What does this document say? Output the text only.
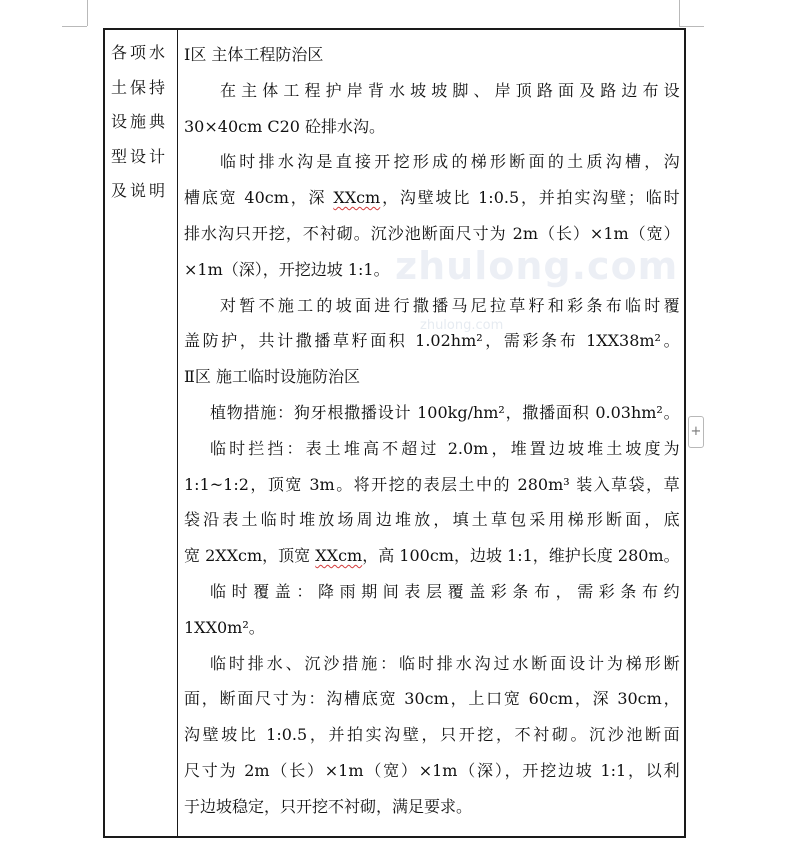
各项水土保持设施典型设计及说明
Ⅰ区 主体工程防治区
在主体工程护岸背水坡坡脚、岸顶路面及路边布设
30×40cm C20 砼排水沟。
临时排水沟是直接开挖形成的梯形断面的土质沟槽，沟
槽底宽 40cm，深 XXcm，沟壁坡比 1:0.5，并拍实沟壁；临时
排水沟只开挖，不衬砌。沉沙池断面尺寸为 2m（长）×1m（宽）
×1m（深），开挖边坡 1:1。
对暂不施工的坡面进行撒播马尼拉草籽和彩条布临时覆
盖防护，共计撒播草籽面积 1.02hm²，需彩条布 1XX38m²。
Ⅱ区 施工临时设施防治区
植物措施：狗牙根撒播设计 100kg/hm²，撒播面积 0.03hm²。
临时拦挡：表土堆高不超过 2.0m，堆置边坡堆土坡度为
1:1~1:2，顶宽 3m。将开挖的表层土中的 280m³ 装入草袋，草
袋沿表土临时堆放场周边堆放，填土草包采用梯形断面，底
宽 2XXcm，顶宽 XXcm，高 100cm，边坡 1:1，维护长度 280m。
临时覆盖：降雨期间表层覆盖彩条布，需彩条布约
1XX0m²。
临时排水、沉沙措施：临时排水沟过水断面设计为梯形断
面，断面尺寸为：沟槽底宽 30cm，上口宽 60cm，深 30cm，
沟壁坡比 1:0.5，并拍实沟壁，只开挖，不衬砌。沉沙池断面
尺寸为 2m（长）×1m（宽）×1m（深），开挖边坡 1:1，以利
于边坡稳定，只开挖不衬砌，满足要求。
zhulong.com
zhulong.com
+
